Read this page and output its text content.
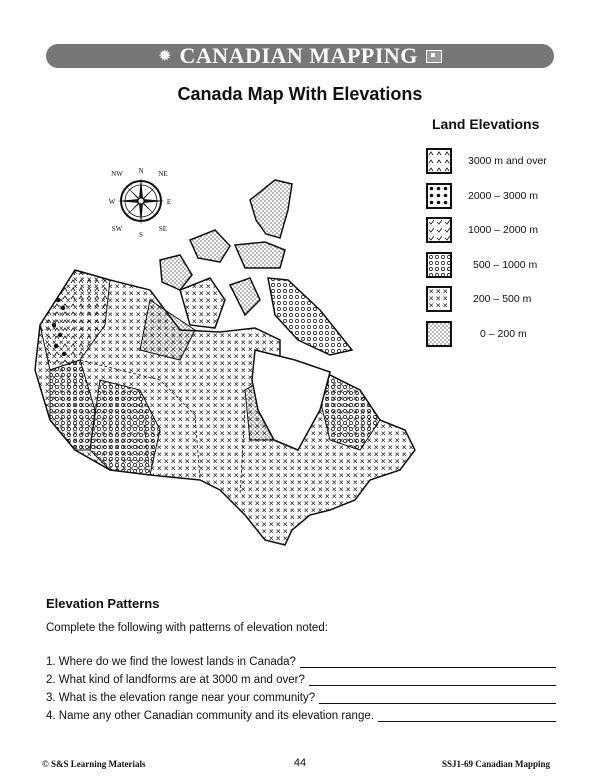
✹ CANADIAN MAPPING
Canada Map With Elevations
N NE
E
SE
S
SW
W
NW
Land Elevations
3000 m and over
2000 – 3000 m
1000 – 2000 m
500 – 1000 m
200 – 500 m
0 – 200 m
Elevation Patterns
Complete the following with patterns of elevation noted:
1. Where do we find the lowest lands in Canada?
2. What kind of landforms are at 3000 m and over?
3. What is the elevation range near your community?
4. Name any other Canadian community and its elevation range.
© S&S Learning Materials	44	SSJ1-69 Canadian Mapping
